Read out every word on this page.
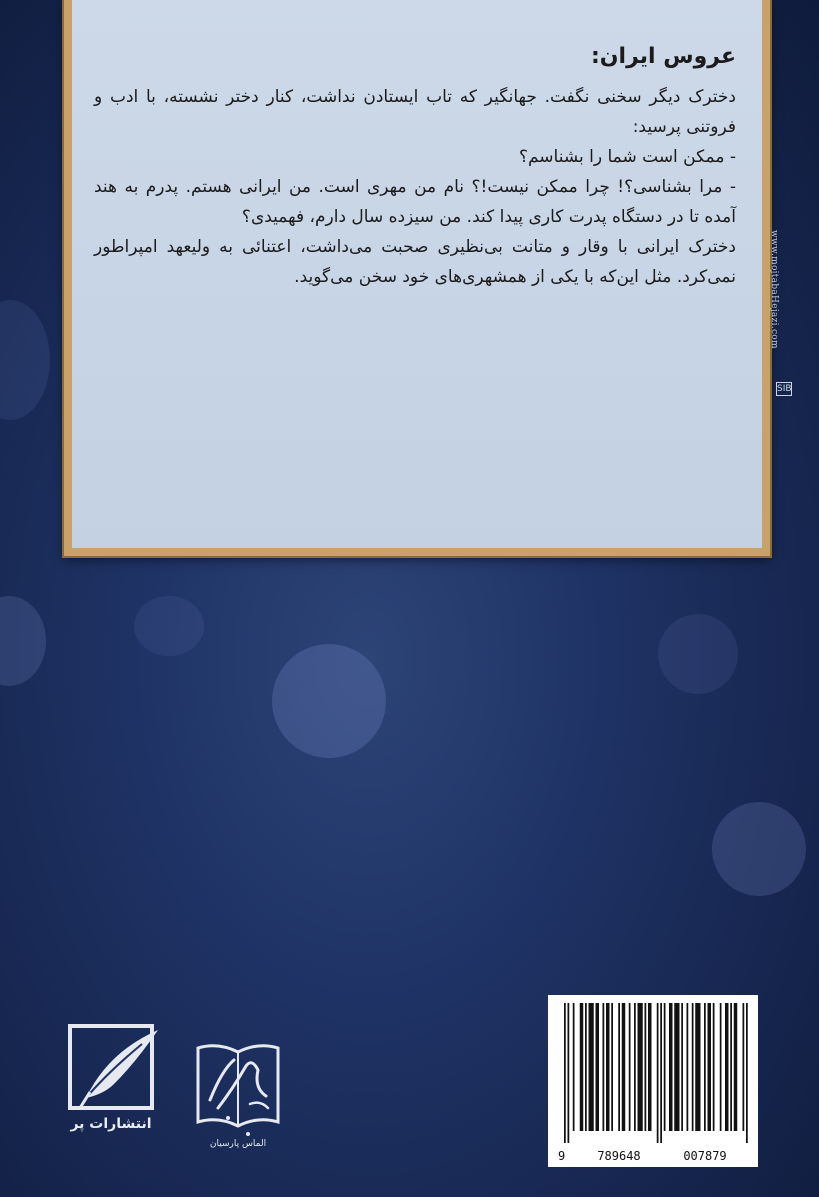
عروس ایران:

دخترک دیگر سخنی نگفت. جهانگیر که تاب ایستادن نداشت، کنار دختر نشسته، با ادب و فروتنی پرسید:

- ممکن است شما را بشناسم؟

- مرا بشناسی؟! چرا ممکن نیست!؟ نام من مهری است. من ایرانی هستم. پدرم به هند آمده تا در دستگاه پدرت کاری پیدا کند. من سیزده سال دارم، فهمیدی؟

دخترک ایرانی با وقار و متانت بی‌نظیری صحبت می‌داشت، اعتنائی به ولیعهد امپراطور نمی‌کرد. مثل این‌که با یکی از همشهری‌های خود سخن می‌گوید.	www.mojtabaHejazi.com
SIB
9	789648	007879
الماس پارسیان
انتشارات پر
